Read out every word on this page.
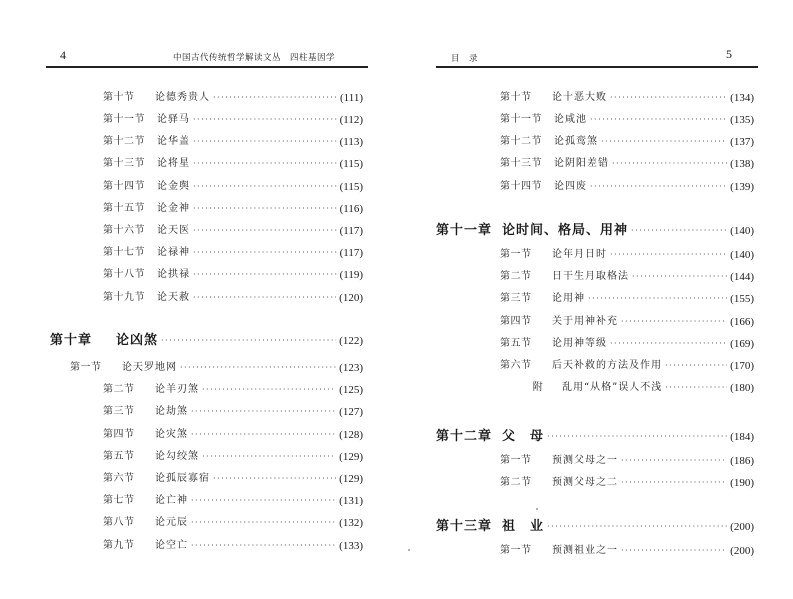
4	中国古代传统哲学解读文丛　四柱基因学
第十节	论德秀贵人 ·····	(111)
第十一节	论驿马 ·····	(112)
第十二节	论华盖 ·····	(113)
第十三节	论将星 ·····	(115)
第十四节	论金舆 ·····	(115)
第十五节	论金神 ·····	(116)
第十六节	论天医 ·····	(117)
第十七节	论禄神 ·····	(117)
第十八节	论拱禄 ·····	(119)
第十九节	论天赦 ·····	(120)
第十章	论凶煞 ·····	(122)
第一节	论天罗地网 ·····	(123)
第二节	论羊刃煞 ·····	(125)
第三节	论劫煞 ·····	(127)
第四节	论灾煞 ·····	(128)
第五节	论勾绞煞 ·····	(129)
第六节	论孤辰寡宿 ·····	(129)
第七节	论亡神 ·····	(131)
第八节	论元辰 ·····	(132)
第九节	论空亡 ·····	(133)
目　录	5
第十节	论十恶大败 ·····	(134)
第十一节	论咸池 ·····	(135)
第十二节	论孤鸾煞 ·····	(137)
第十三节	论阴阳差错 ·····	(138)
第十四节	论四废 ·····	(139)
第十一章 论时间、格局、用神 ·····	(140)
第一节	论年月日时 ·····	(140)
第二节	日干生月取格法 ·····	(144)
第三节	论用神 ·····	(155)
第四节	关于用神补充 ·····	(166)
第五节	论用神等级 ·····	(169)
第六节	后天补救的方法及作用 ·····	(170)
附	乱用“从格”误人不浅 ·····	(180)
第十二章 父　母 ·····	(184)
第一节	预测父母之一 ·····	(186)
第二节	预测父母之二 ·····	(190)
第十三章 祖　业 ·····	(200)
第一节	预测祖业之一 ·····	(200)
